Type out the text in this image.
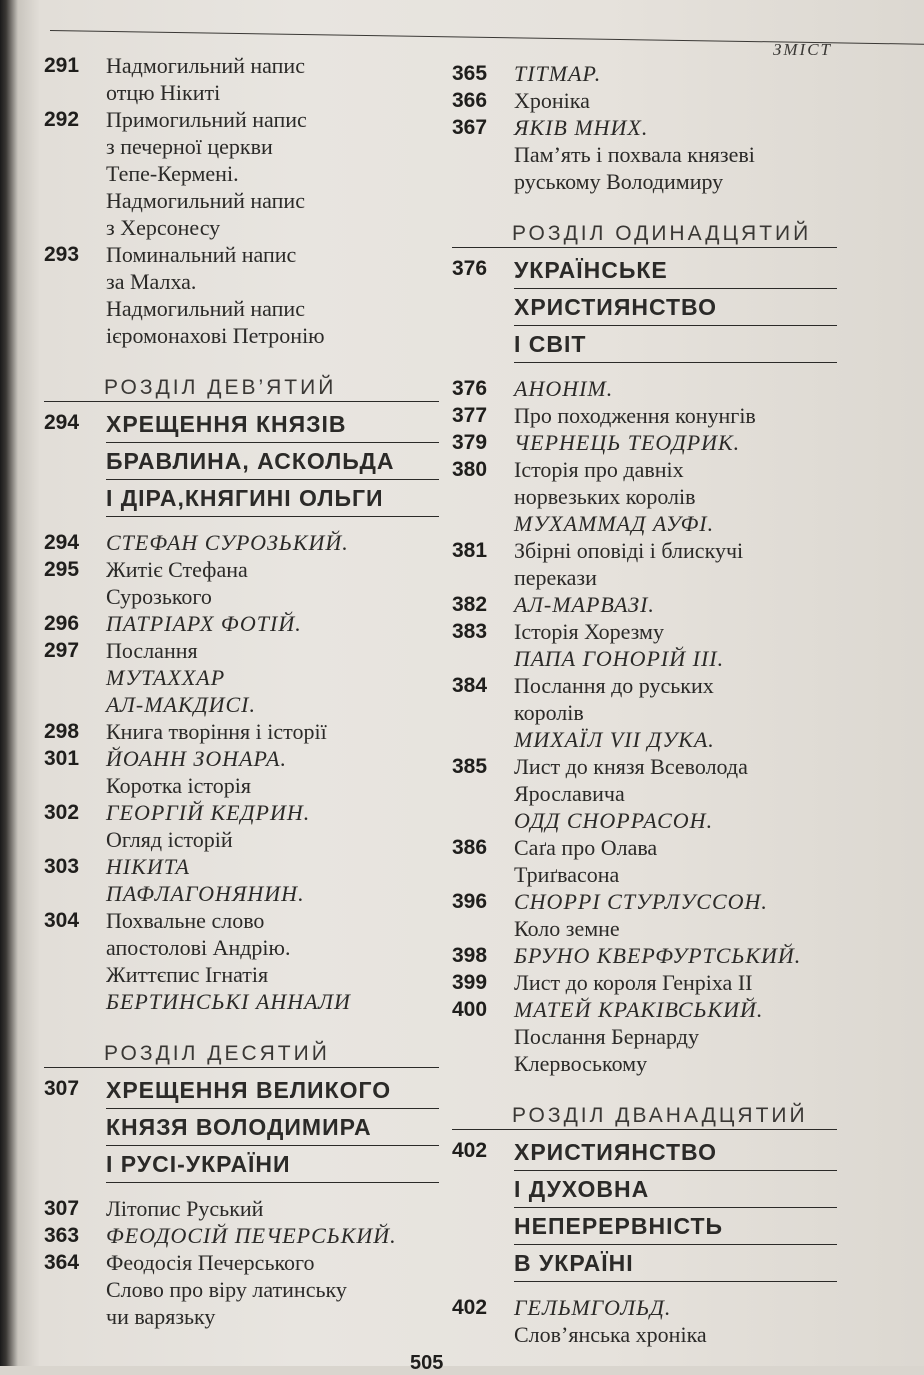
ЗМІСТ
291	Надмогильний напис
отцю Нікиті
292	Примогильний напис
з печерної церкви
Тепе-Кермені.
Надмогильний напис
з Херсонесу
293	Поминальний напис
за Малха.
Надмогильний напис
ієромонахові Петронію
РОЗДІЛ ДЕВ’ЯТИЙ
294	ХРЕЩЕННЯ КНЯЗІВ
БРАВЛИНА, АСКОЛЬДА
І ДІРА,КНЯГИНІ ОЛЬГИ
294	СТЕФАН СУРОЗЬКИЙ.
295	Житіє Стефана
Сурозького
296	ПАТРІАРХ ФОТІЙ.
297	Послання
МУТАХХАР
АЛ-МАКДИСІ.
298	Книга творіння і історії
301	ЙОАНН ЗОНАРА.
Коротка історія
302	ГЕОРГІЙ КЕДРИН.
Огляд історій
303	НІКИТА
ПАФЛАГОНЯНИН.
304	Похвальне слово
апостолові Андрію.
Життєпис Ігнатія
БЕРТИНСЬКІ АННАЛИ
РОЗДІЛ ДЕСЯТИЙ
307	ХРЕЩЕННЯ ВЕЛИКОГО
КНЯЗЯ ВОЛОДИМИРА
І РУСІ-УКРАЇНИ
307	Літопис Руський
363	ФЕОДОСІЙ ПЕЧЕРСЬКИЙ.
364	Феодосія Печерського
Слово про віру латинську
чи варязьку
365	ТІТМАР.
366	Хроніка
367	ЯКІВ МНИХ.
Пам’ять і похвала князеві
руському Володимиру
РОЗДІЛ ОДИНАДЦЯТИЙ
376	УКРАЇНСЬКЕ
ХРИСТИЯНСТВО
І СВІТ
376	АНОНІМ.
377	Про походження конунгів
379	ЧЕРНЕЦЬ ТЕОДРИК.
380	Історія про давніх
норвезьких королів
МУХАММАД АУФІ.
381	Збірні оповіді і блискучі
перекази
382	АЛ-МАРВАЗІ.
383	Історія Хорезму
ПАПА ГОНОРІЙ III.
384	Послання до руських
королів
МИХАЇЛ VII ДУКА.
385	Лист до князя Всеволода
Ярославича
ОДД СНОРРАСОН.
386	Саґа про Олава
Триґвасона
396	СНОРРІ СТУРЛУССОН.
Коло земне
398	БРУНО КВЕРФУРТСЬКИЙ.
399	Лист до короля Генріха II
400	МАТЕЙ КРАКІВСЬКИЙ.
Послання Бернарду
Клервоському
РОЗДІЛ ДВАНАДЦЯТИЙ
402	ХРИСТИЯНСТВО
І ДУХОВНА
НЕПЕРЕРВНІСТЬ
В УКРАЇНІ
402	ГЕЛЬМГОЛЬД.
Слов’янська хроніка
505
